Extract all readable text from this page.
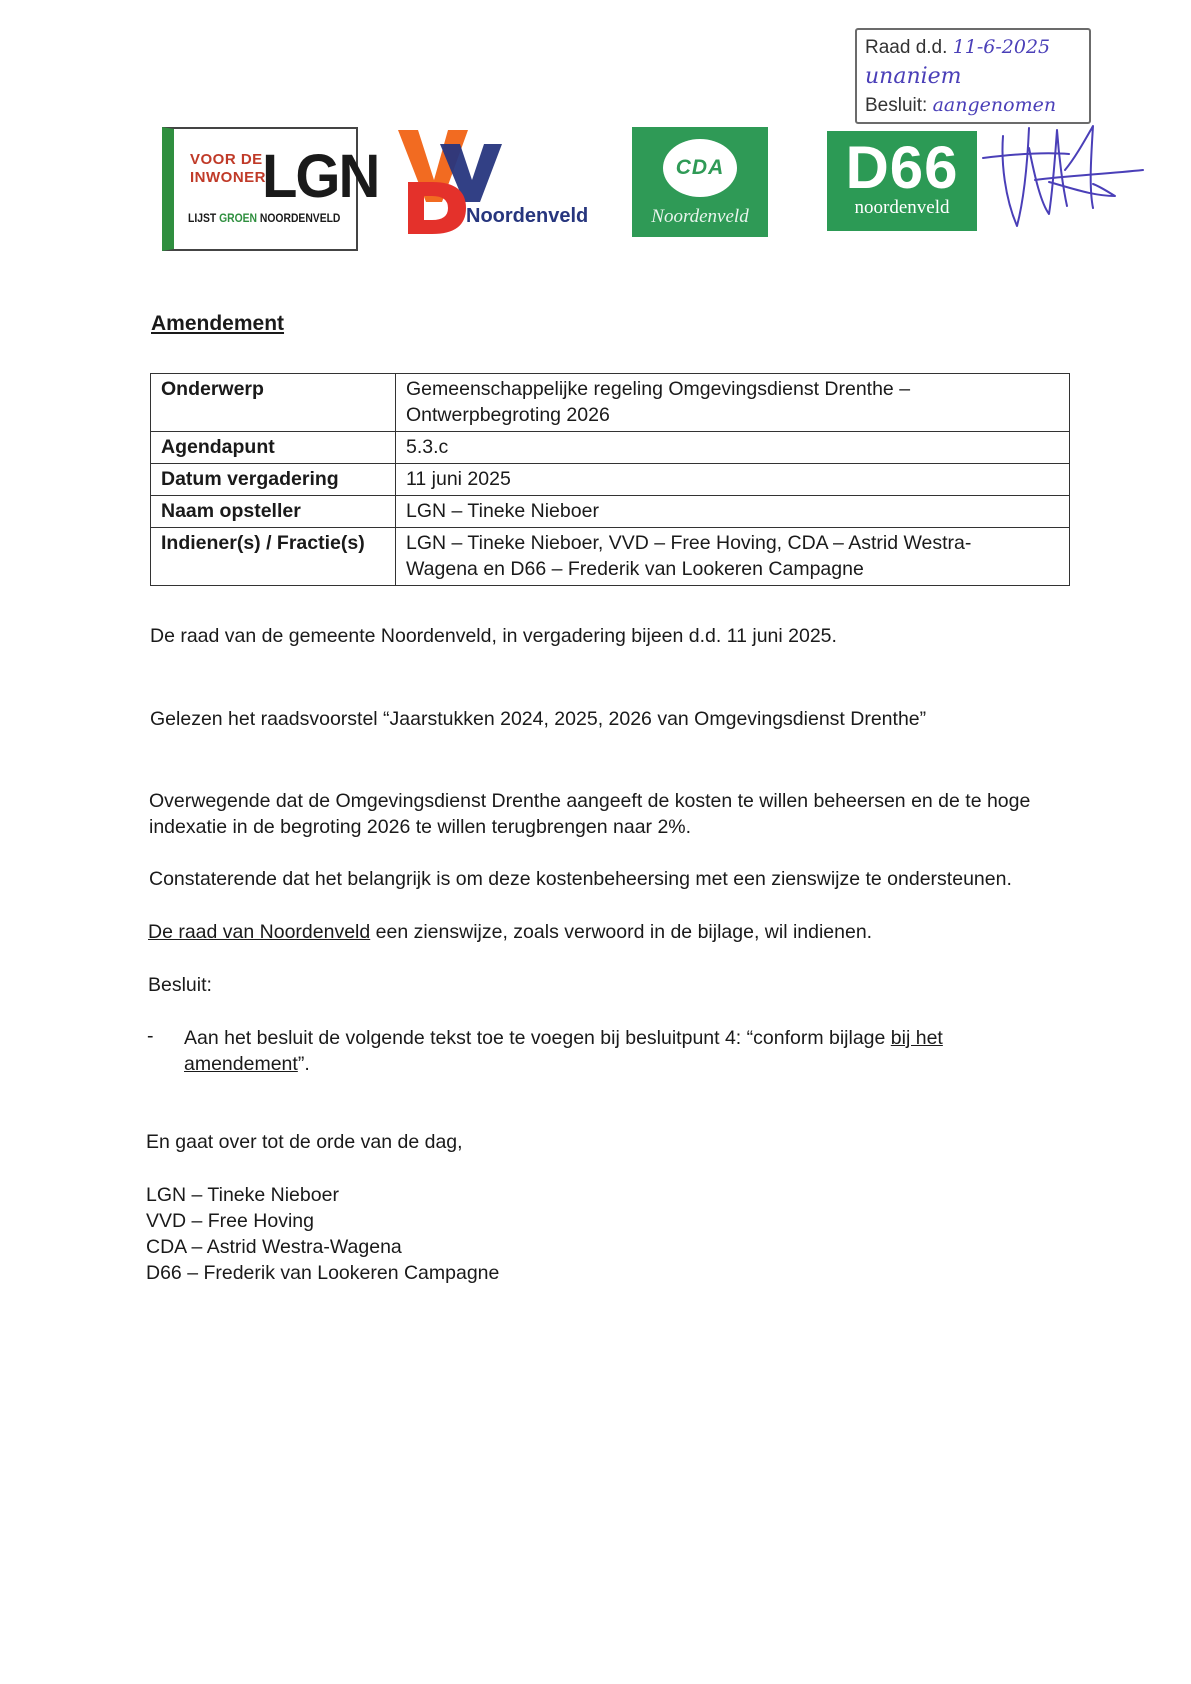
Raad d.d. 11-6-2025
unaniem
Besluit: aangenomen
VOOR DE
INWONER
LGN
LIJST GROEN NOORDENVELD	Noordenveld
CDA
Noordenveld
D66
noordenveld
Amendement
Onderwerp	Gemeenschappelijke regeling Omgevingsdienst Drenthe –
Ontwerpbegroting 2026

Agendapunt	5.3.c
Datum vergadering	11 juni 2025
Naam opsteller	LGN – Tineke Nieboer
Indiener(s) / Fractie(s)	LGN – Tineke Nieboer, VVD – Free Hoving, CDA – Astrid Westra-
Wagena en D66 – Frederik van Lookeren Campagne
De raad van de gemeente Noordenveld, in vergadering bijeen d.d. 11 juni 2025.
Gelezen het raadsvoorstel “Jaarstukken 2024, 2025, 2026 van Omgevingsdienst Drenthe”
Overwegende dat de Omgevingsdienst Drenthe aangeeft de kosten te willen beheersen en de te hoge
indexatie in de begroting 2026 te willen terugbrengen naar 2%.
Constaterende dat het belangrijk is om deze kostenbeheersing met een zienswijze te ondersteunen.
De raad van Noordenveld een zienswijze, zoals verwoord in de bijlage, wil indienen.
Besluit:
- Aan het besluit de volgende tekst toe te voegen bij besluitpunt 4: “conform bijlage bij het
amendement”.
En gaat over tot de orde van de dag,
LGN – Tineke Nieboer
VVD – Free Hoving
CDA – Astrid Westra-Wagena
D66 – Frederik van Lookeren Campagne
